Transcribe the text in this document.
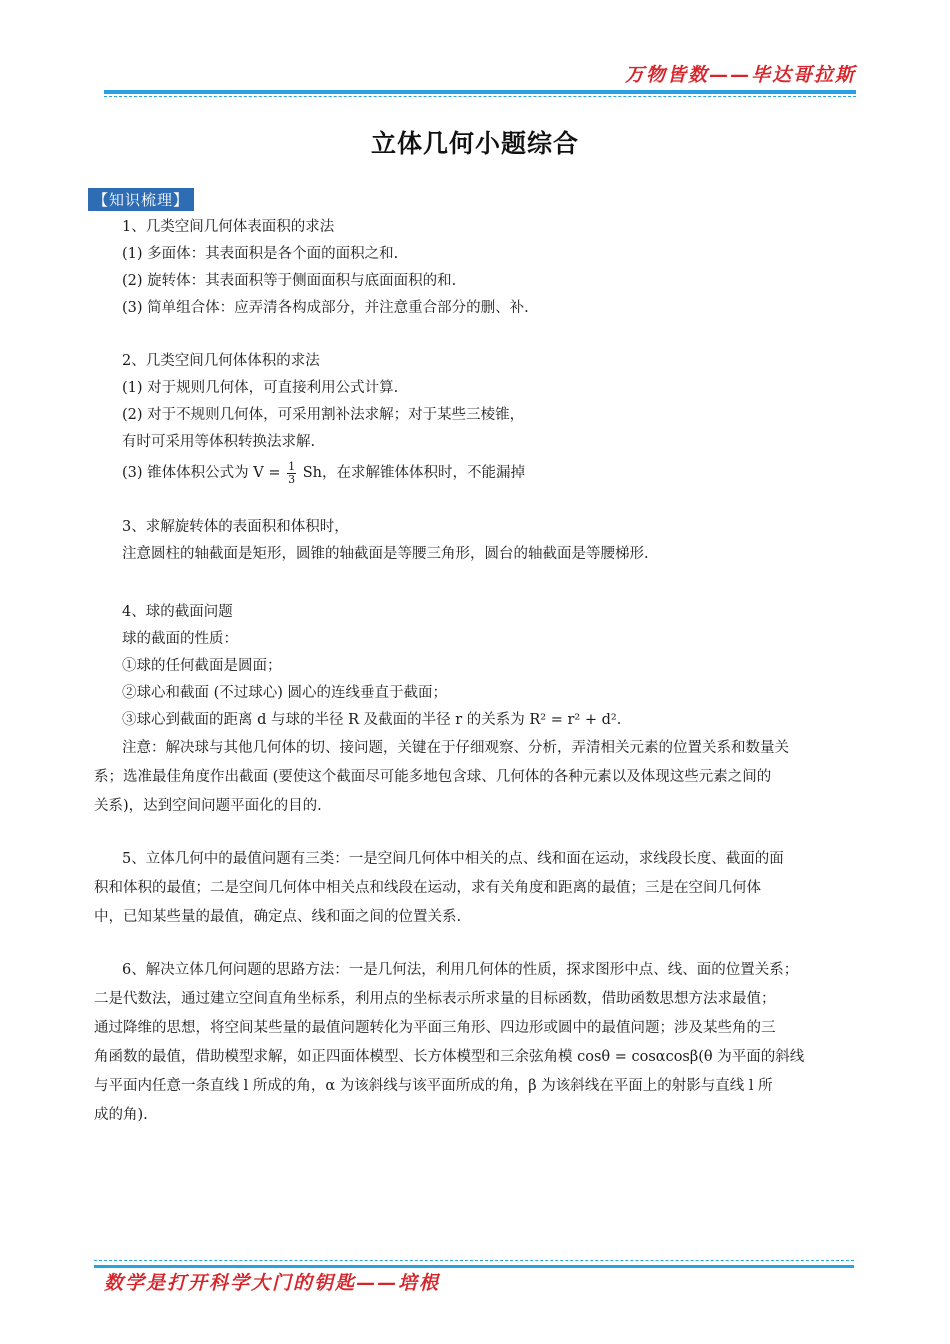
万物皆数——毕达哥拉斯
立体几何小题综合
【知识梳理】
1、几类空间几何体表面积的求法
(1) 多面体：其表面积是各个面的面积之和.
(2) 旋转体：其表面积等于侧面面积与底面面积的和.
(3) 简单组合体：应弄清各构成部分，并注意重合部分的删、补.
2、几类空间几何体体积的求法
(1) 对于规则几何体，可直接利用公式计算.
(2) 对于不规则几何体，可采用割补法求解；对于某些三棱锥，
有时可采用等体积转换法求解.
(3) 锥体体积公式为 $V = \frac{1}{3}$ Sh，在求解锥体体积时，不能漏掉
3、求解旋转体的表面积和体积时，
注意圆柱的轴截面是矩形，圆锥的轴截面是等腰三角形，圆台的轴截面是等腰梯形.
4、球的截面问题
球的截面的性质：
①球的任何截面是圆面；
②球心和截面 (不过球心) 圆心的连线垂直于截面；
③球心到截面的距离 d 与球的半径 R 及截面的半径 r 的关系为 R² = r² + d².
注意：解决球与其他几何体的切、接问题，关键在于仔细观察、分析，弄清相关元素的位置关系和数量关
系；选准最佳角度作出截面 (要使这个截面尽可能多地包含球、几何体的各种元素以及体现这些元素之间的
关系)，达到空间问题平面化的目的.
5、立体几何中的最值问题有三类：一是空间几何体中相关的点、线和面在运动，求线段长度、截面的面
积和体积的最值；二是空间几何体中相关点和线段在运动，求有关角度和距离的最值；三是在空间几何体
中，已知某些量的最值，确定点、线和面之间的位置关系.
6、解决立体几何问题的思路方法：一是几何法，利用几何体的性质，探求图形中点、线、面的位置关系；
二是代数法，通过建立空间直角坐标系，利用点的坐标表示所求量的目标函数，借助函数思想方法求最值；
通过降维的思想，将空间某些量的最值问题转化为平面三角形、四边形或圆中的最值问题；涉及某些角的三
角函数的最值，借助模型求解，如正四面体模型、长方体模型和三余弦角模 cosθ = cosαcosβ(θ 为平面的斜线
与平面内任意一条直线 l 所成的角，α 为该斜线与该平面所成的角，β 为该斜线在平面上的射影与直线 l 所
成的角).
数学是打开科学大门的钥匙——培根
